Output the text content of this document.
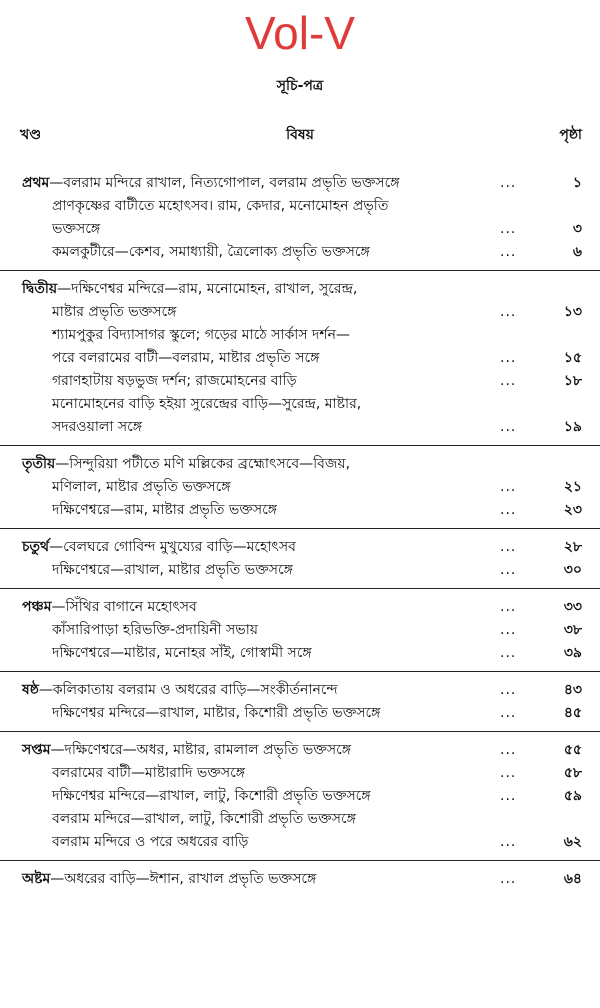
Vol-V
সূচি-পত্র
খণ্ড	বিষয়	পৃষ্ঠা
প্রথম—বলরাম মন্দিরে রাখাল, নিত্যগোপাল, বলরাম প্রভৃতি ভক্তসঙ্গে	...	১
প্রাণকৃষ্ণের বাটীতে মহোৎসব। রাম, কেদার, মনোমোহন প্রভৃতি
ভক্তসঙ্গে	...	৩
কমলকুটীরে—কেশব, সমাধ্যায়ী, ত্রৈলোক্য প্রভৃতি ভক্তসঙ্গে	...	৬
দ্বিতীয়—দক্ষিণেশ্বর মন্দিরে—রাম, মনোমোহন, রাখাল, সুরেন্দ্র,
মাষ্টার প্রভৃতি ভক্তসঙ্গে	...	১৩
শ্যামপুকুর বিদ্যাসাগর স্কুলে; গড়ের মাঠে সার্কাস দর্শন—
পরে বলরামের বাটী—বলরাম, মাষ্টার প্রভৃতি সঙ্গে	...	১৫
গরাণহাটায় ষড়ভুজ দর্শন; রাজমোহনের বাড়ি	...	১৮
মনোমোহনের বাড়ি হইয়া সুরেন্দ্রের বাড়ি—সুরেন্দ্র, মাষ্টার,
সদরওয়ালা সঙ্গে	...	১৯
তৃতীয়—সিন্দুরিয়া পটীতে মণি মল্লিকের ব্রহ্মোৎসবে—বিজয়,
মণিলাল, মাষ্টার প্রভৃতি ভক্তসঙ্গে	...	২১
দক্ষিণেশ্বরে—রাম, মাষ্টার প্রভৃতি ভক্তসঙ্গে	...	২৩
চতুর্থ—বেলঘরে গোবিন্দ মুখুয্যের বাড়ি—মহোৎসব	...	২৮
দক্ষিণেশ্বরে—রাখাল, মাষ্টার প্রভৃতি ভক্তসঙ্গে	...	৩০
পঞ্চম—সিঁথির বাগানে মহোৎসব	...	৩৩
কাঁসারিপাড়া হরিভক্তি-প্রদায়িনী সভায়	...	৩৮
দক্ষিণেশ্বরে—মাষ্টার, মনোহর সাঁই, গোস্বামী সঙ্গে	...	৩৯
ষষ্ঠ—কলিকাতায় বলরাম ও অধরের বাড়ি—সংকীর্তনানন্দে	...	৪৩
দক্ষিণেশ্বর মন্দিরে—রাখাল, মাষ্টার, কিশোরী প্রভৃতি ভক্তসঙ্গে	...	৪৫
সপ্তম—দক্ষিণেশ্বরে—অধর, মাষ্টার, রামলাল প্রভৃতি ভক্তসঙ্গে	...	৫৫
বলরামের বাটী—মাষ্টারাদি ভক্তসঙ্গে	...	৫৮
দক্ষিণেশ্বর মন্দিরে—রাখাল, লাটু, কিশোরী প্রভৃতি ভক্তসঙ্গে	...	৫৯
বলরাম মন্দিরে—রাখাল, লাটু, কিশোরী প্রভৃতি ভক্তসঙ্গে
বলরাম মন্দিরে ও পরে অধরের বাড়ি	...	৬২
অষ্টম—অধরের বাড়ি—ঈশান, রাখাল প্রভৃতি ভক্তসঙ্গে	...	৬৪
